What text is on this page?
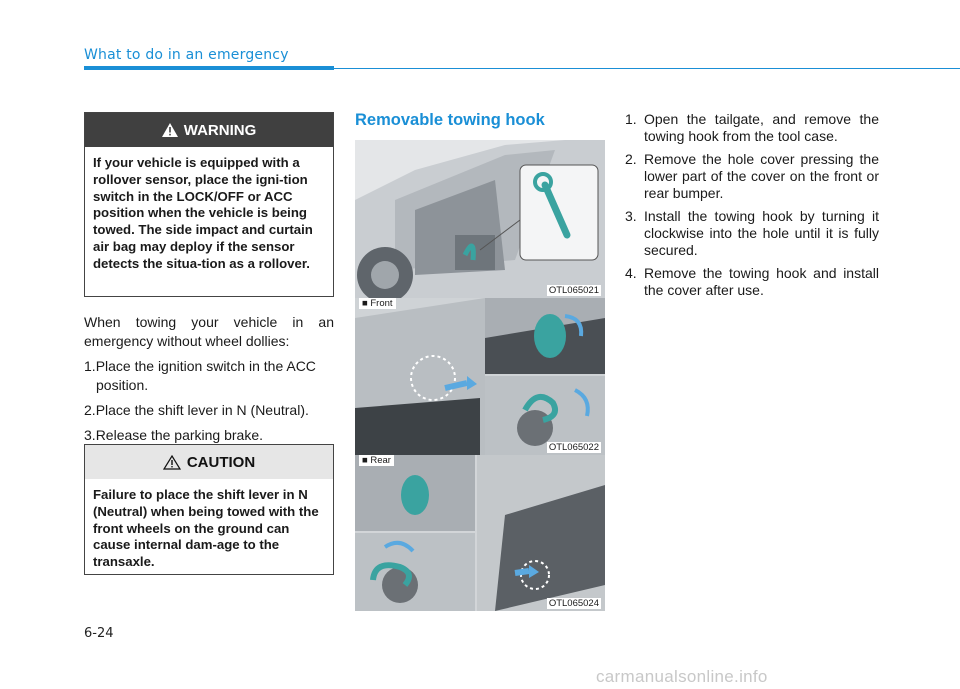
What to do in an emergency
WARNING
If your vehicle is equipped with a rollover sensor, place the igni-tion switch in the LOCK/OFF or ACC position when the vehicle is being towed. The side impact and curtain air bag may deploy if the sensor detects the situa-tion as a rollover.

When towing your vehicle in an emergency without wheel dollies:

1.Place the ignition switch in the ACC position.
2.Place the shift lever in N (Neutral).
3.Release the parking brake.
CAUTION
Failure to place the shift lever in N (Neutral) when being towed with the front wheels on the ground can cause internal dam-age to the transaxle.
Removable towing hook
OTL065021
■ Front
OTL065022
■ Rear
OTL065024
1. Open the tailgate, and remove the towing hook from the tool case.
2. Remove the hole cover pressing the lower part of the cover on the front or rear bumper.
3. Install the towing hook by turning it clockwise into the hole until it is fully secured.
4. Remove the towing hook and install the cover after use.
6-24
carmanualsonline.info
